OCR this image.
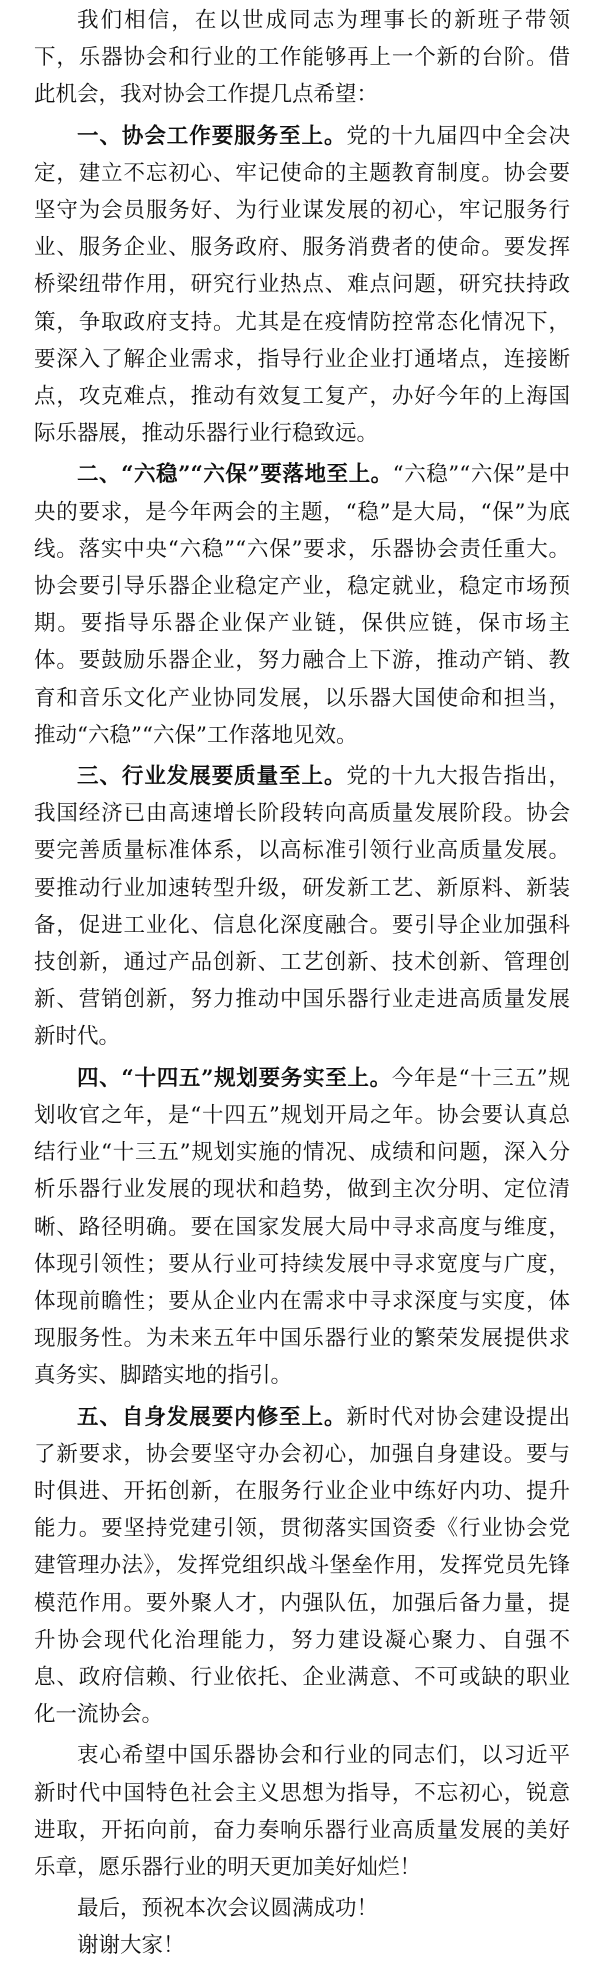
我们相信，在以世成同志为理事长的新班子带领下，乐器协会和行业的工作能够再上一个新的台阶。借此机会，我对协会工作提几点希望：

一、协会工作要服务至上。党的十九届四中全会决定，建立不忘初心、牢记使命的主题教育制度。协会要坚守为会员服务好、为行业谋发展的初心，牢记服务行业、服务企业、服务政府、服务消费者的使命。要发挥桥梁纽带作用，研究行业热点、难点问题，研究扶持政策，争取政府支持。尤其是在疫情防控常态化情况下，要深入了解企业需求，指导行业企业打通堵点，连接断点，攻克难点，推动有效复工复产，办好今年的上海国际乐器展，推动乐器行业行稳致远。

二、“六稳”“六保”要落地至上。“六稳”“六保”是中央的要求，是今年两会的主题，“稳”是大局，“保”为底线。落实中央“六稳”“六保”要求，乐器协会责任重大。协会要引导乐器企业稳定产业，稳定就业，稳定市场预期。要指导乐器企业保产业链，保供应链，保市场主体。要鼓励乐器企业，努力融合上下游，推动产销、教育和音乐文化产业协同发展，以乐器大国使命和担当，推动“六稳”“六保”工作落地见效。

三、行业发展要质量至上。党的十九大报告指出，我国经济已由高速增长阶段转向高质量发展阶段。协会要完善质量标准体系，以高标准引领行业高质量发展。要推动行业加速转型升级，研发新工艺、新原料、新装备，促进工业化、信息化深度融合。要引导企业加强科技创新，通过产品创新、工艺创新、技术创新、管理创新、营销创新，努力推动中国乐器行业走进高质量发展新时代。

四、“十四五”规划要务实至上。今年是“十三五”规划收官之年，是“十四五”规划开局之年。协会要认真总结行业“十三五”规划实施的情况、成绩和问题，深入分析乐器行业发展的现状和趋势，做到主次分明、定位清晰、路径明确。要在国家发展大局中寻求高度与维度，体现引领性；要从行业可持续发展中寻求宽度与广度，体现前瞻性；要从企业内在需求中寻求深度与实度，体现服务性。为未来五年中国乐器行业的繁荣发展提供求真务实、脚踏实地的指引。

五、自身发展要内修至上。新时代对协会建设提出了新要求，协会要坚守办会初心，加强自身建设。要与时俱进、开拓创新，在服务行业企业中练好内功、提升能力。要坚持党建引领，贯彻落实国资委《行业协会党建管理办法》，发挥党组织战斗堡垒作用，发挥党员先锋模范作用。要外聚人才，内强队伍，加强后备力量，提升协会现代化治理能力，努力建设凝心聚力、自强不息、政府信赖、行业依托、企业满意、不可或缺的职业化一流协会。

衷心希望中国乐器协会和行业的同志们，以习近平新时代中国特色社会主义思想为指导，不忘初心，锐意进取，开拓向前，奋力奏响乐器行业高质量发展的美好乐章，愿乐器行业的明天更加美好灿烂！

最后，预祝本次会议圆满成功！

谢谢大家！
